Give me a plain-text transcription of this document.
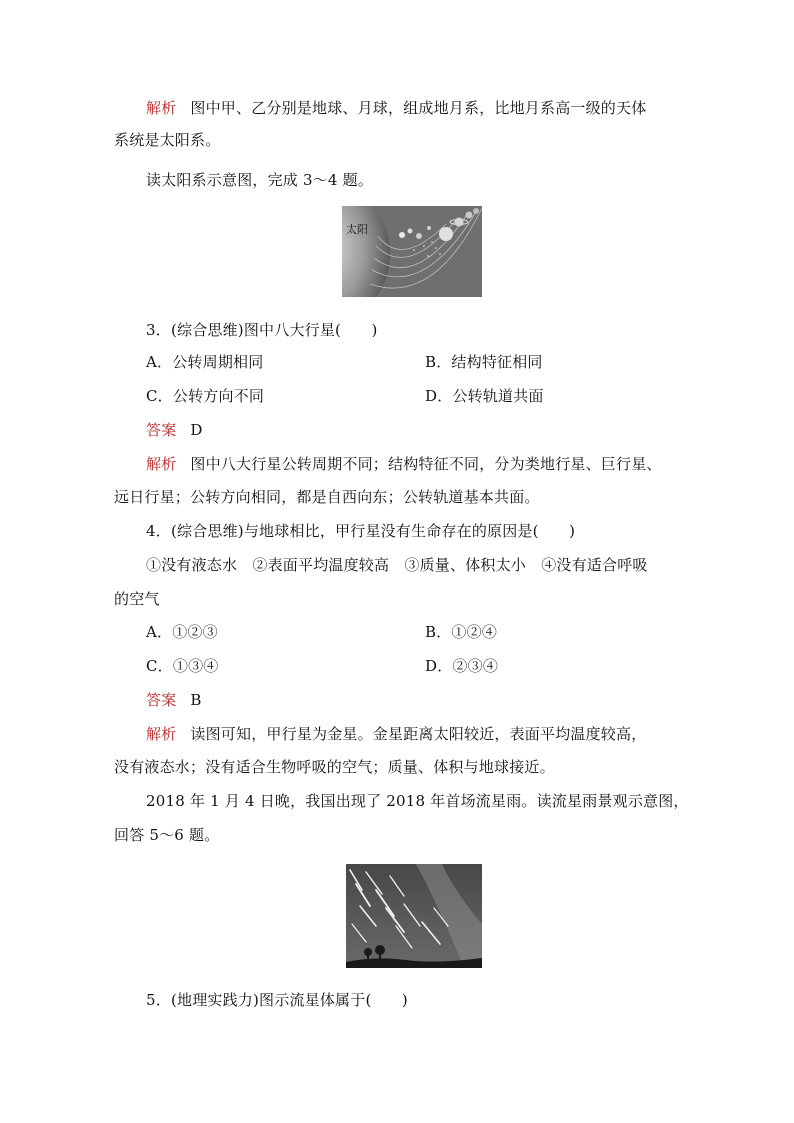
解析 图中甲、乙分别是地球、月球，组成地月系，比地月系高一级的天体
系统是太阳系。
读太阳系示意图，完成 3～4 题。
太阳
3．(综合思维)图中八大行星(　　)
A．公转周期相同	B．结构特征相同
C．公转方向不同	D．公转轨道共面
答案 D
解析 图中八大行星公转周期不同；结构特征不同，分为类地行星、巨行星、
远日行星；公转方向相同，都是自西向东；公转轨道基本共面。
4．(综合思维)与地球相比，甲行星没有生命存在的原因是(　　)
①没有液态水　②表面平均温度较高　③质量、体积太小　④没有适合呼吸
的空气
A．①②③	B．①②④
C．①③④	D．②③④
答案 B
解析 读图可知，甲行星为金星。金星距离太阳较近，表面平均温度较高，
没有液态水；没有适合生物呼吸的空气；质量、体积与地球接近。
2018 年 1 月 4 日晚，我国出现了 2018 年首场流星雨。读流星雨景观示意图，
回答 5～6 题。
5．(地理实践力)图示流星体属于(　　)
